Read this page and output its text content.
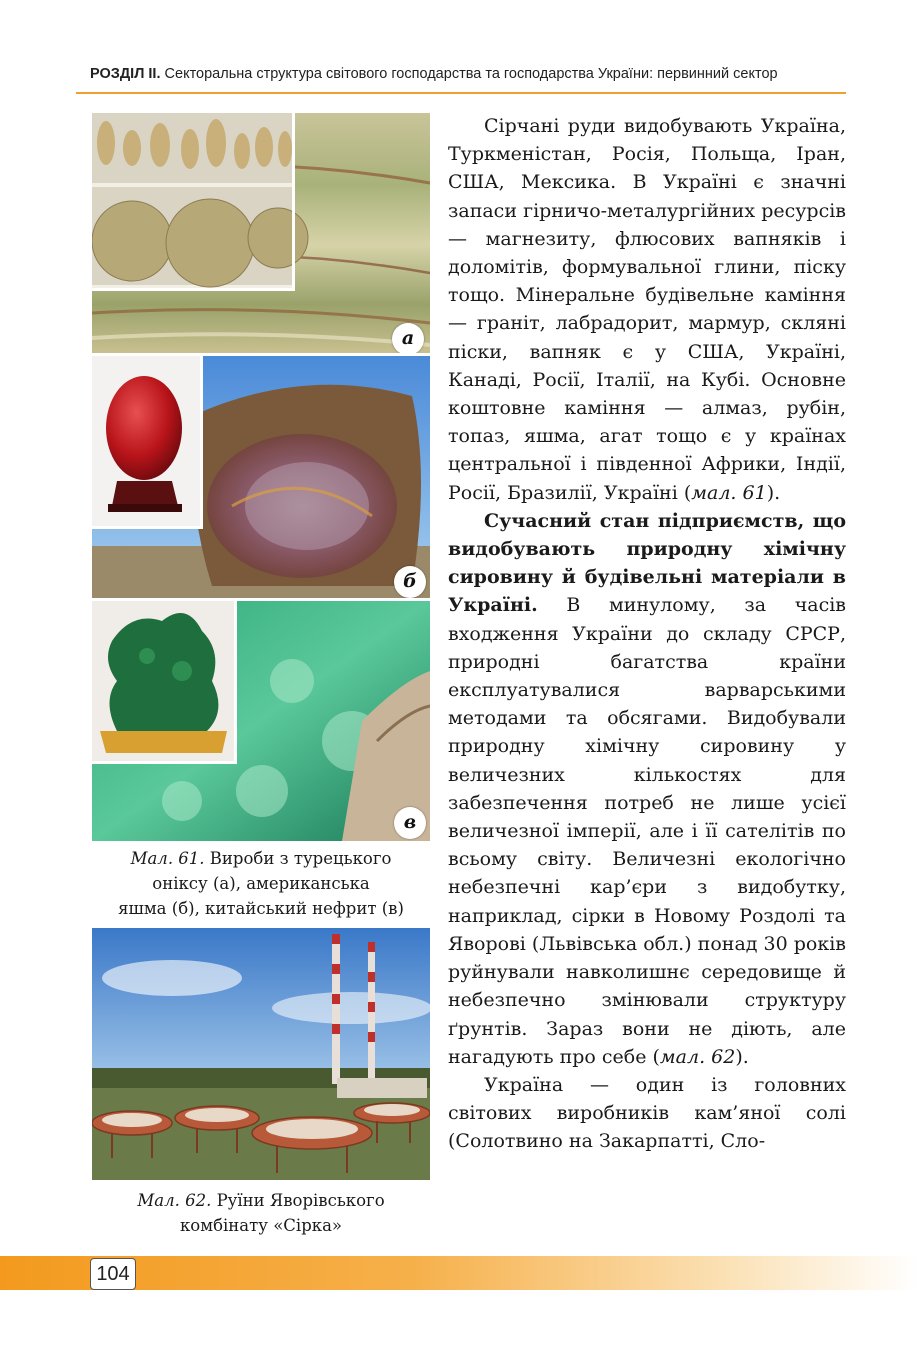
РОЗДІЛ ІІ. Секторальна структура світового господарства та господарства України: первинний сектор
а
б
в
Мал. 61. Вироби з турецького
оніксу (а), американська
яшма (б), китайський нефрит (в)
Мал. 62. Руїни Яворівського
комбінату «Сірка»

Сірчані руди видобувають Україна, Туркменістан, Росія, Польща, Іран, США, Мексика. В Україні є значні запаси гірничо-металургійних ресурсів — магнезиту, флюсових вапняків і доломітів, формувальної глини, піску тощо. Мінеральне будівельне каміння — граніт, лабрадорит, мармур, скляні піски, вапняк є у США, Україні, Канаді, Росії, Італії, на Кубі. Основне коштовне каміння — алмаз, рубін, топаз, яшма, агат тощо є у країнах центральної і південної Африки, Індії, Росії, Бразилії, Україні (мал. 61).

Сучасний стан підприємств, що видобувають природну хімічну сировину й будівельні матеріали в Україні. В минулому, за часів входження України до складу СРСР, природні багатства країни експлуатувалися варварськими методами та обсягами. Видобували природну хімічну сировину у величезних кількостях для забезпечення потреб не лише усієї величезної імперії, але і її сателітів по всьому світу. Величезні екологічно небезпечні кар’єри з видобутку, наприклад, сірки в Новому Роздолі та Яворові (Львівська обл.) понад 30 років руйнували навколишнє середовище й небезпечно змінювали структуру ґрунтів. Зараз вони не діють, але нагадують про себе (мал. 62).

Україна — один із головних світових виробників кам’яної солі (Солотвино на Закарпатті, Сло-

104
